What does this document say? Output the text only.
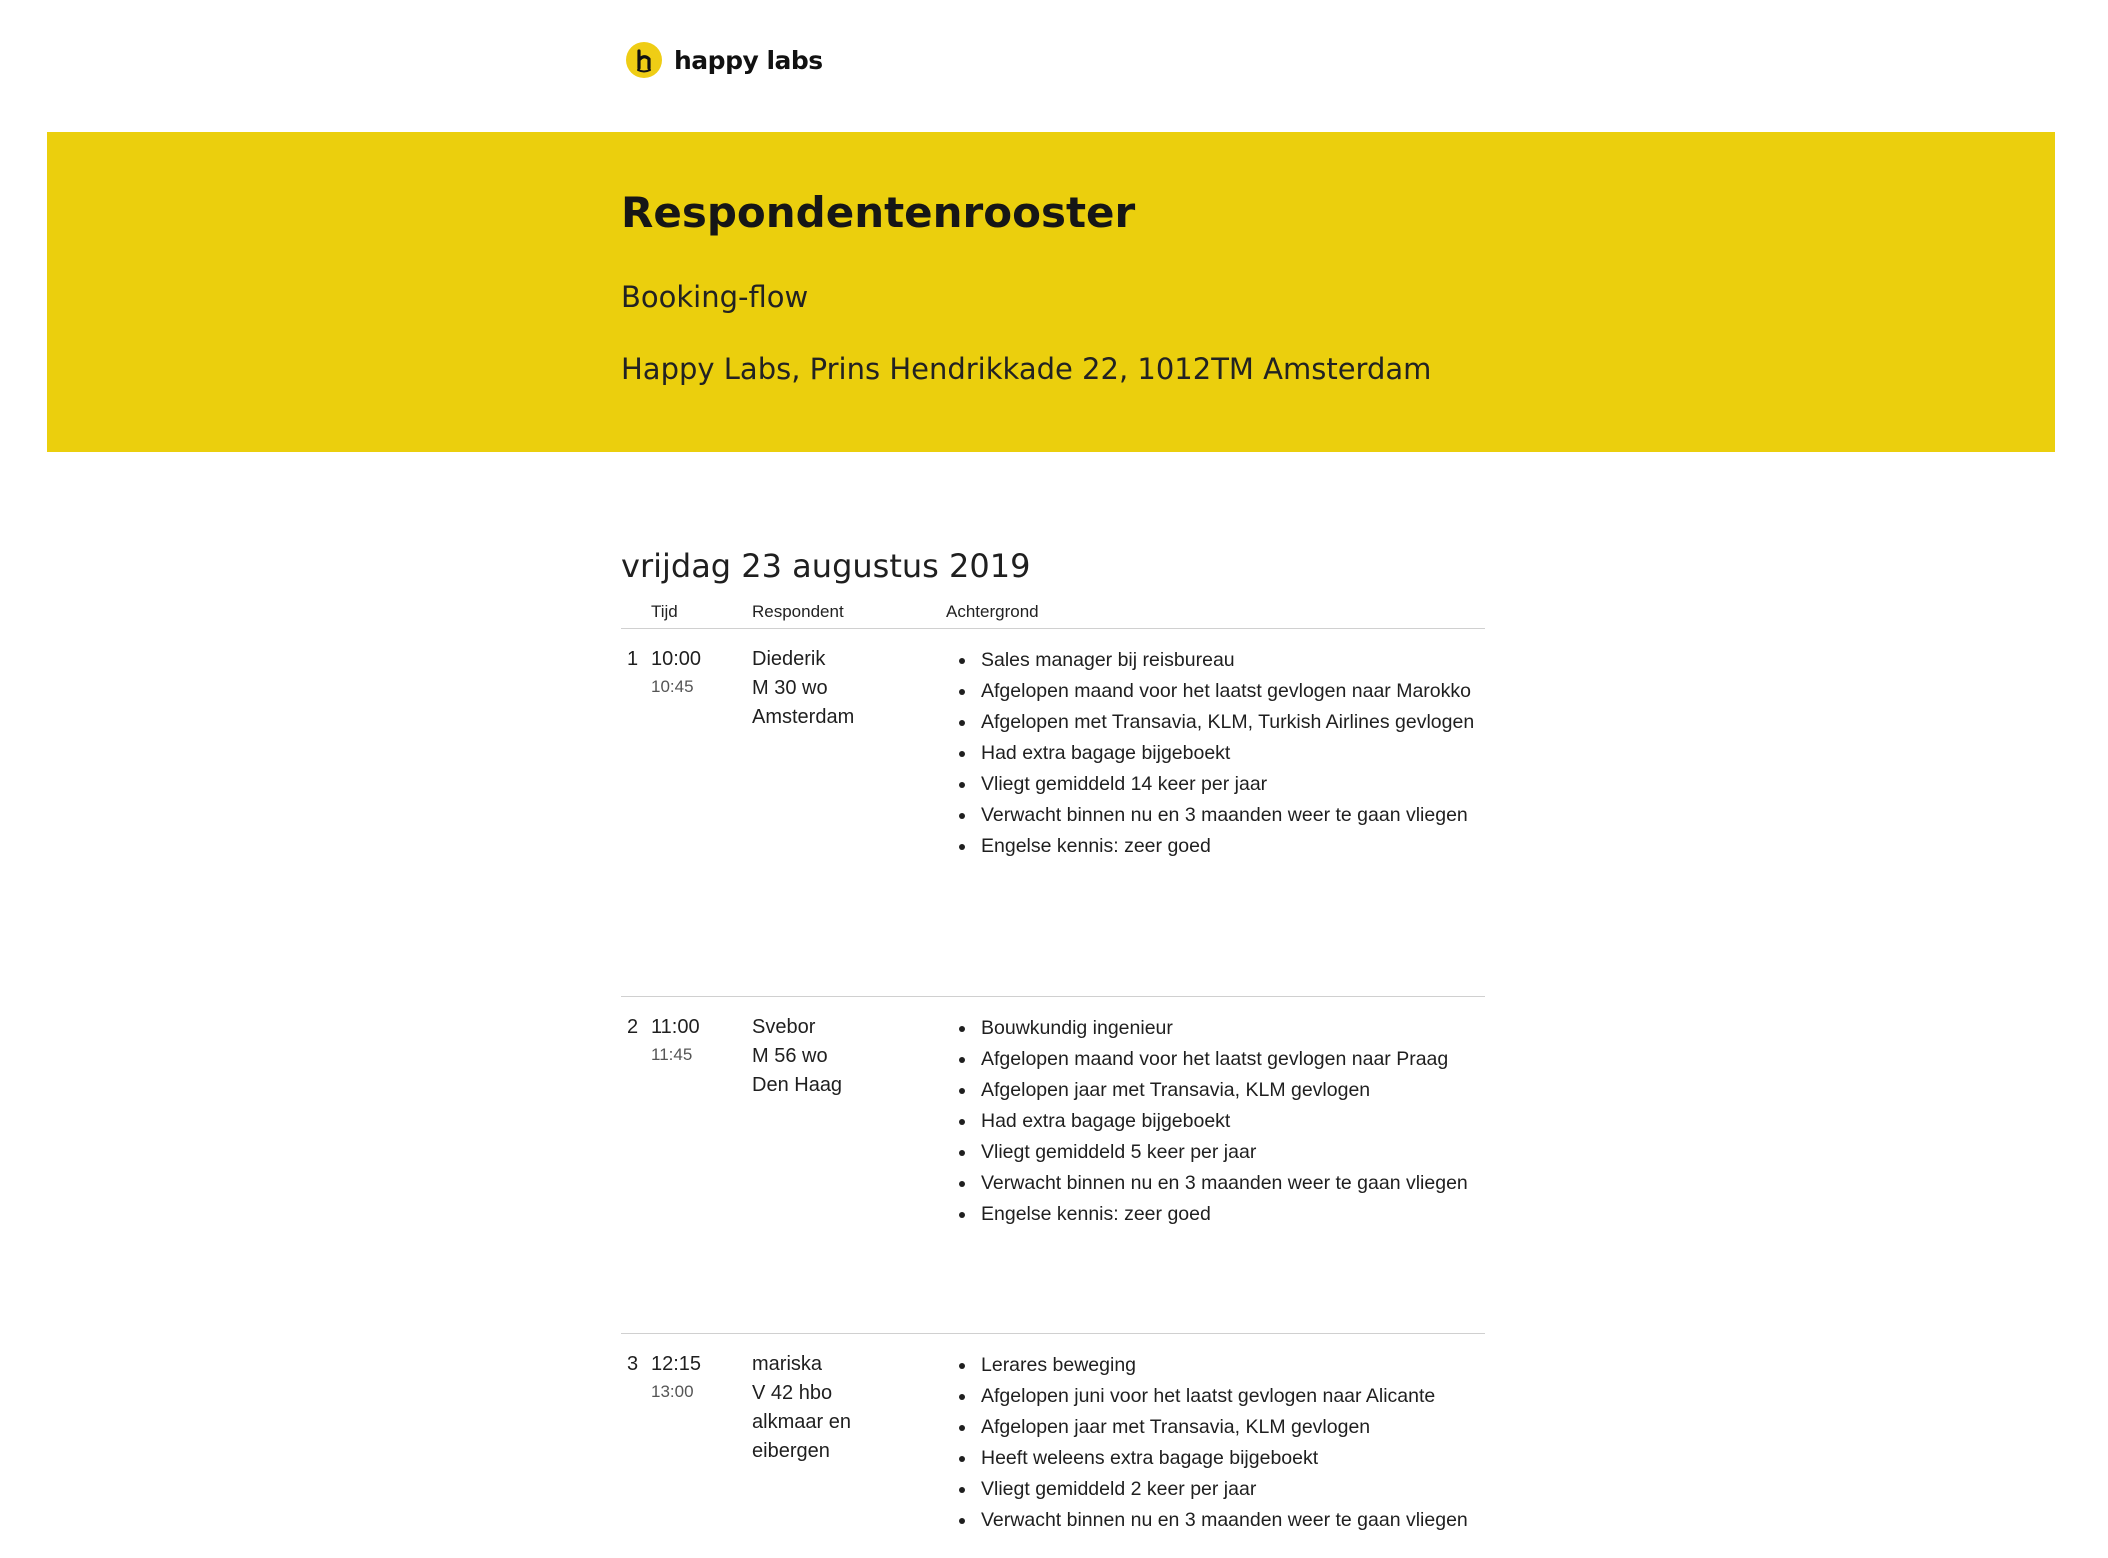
happy labs
Respondentenrooster
Booking-flow
Happy Labs, Prins Hendrikkade 22, 1012TM Amsterdam
vrijdag 23 augustus 2019
Tijd	Respondent	Achtergrond
1 10:00
10:45
Diederik
M 30 wo
Amsterdam
Sales manager bij reisbureau
Afgelopen maand voor het laatst gevlogen naar Marokko
Afgelopen met Transavia, KLM, Turkish Airlines gevlogen
Had extra bagage bijgeboekt
Vliegt gemiddeld 14 keer per jaar
Verwacht binnen nu en 3 maanden weer te gaan vliegen
Engelse kennis: zeer goed
2 11:00
11:45
Svebor
M 56 wo
Den Haag
Bouwkundig ingenieur
Afgelopen maand voor het laatst gevlogen naar Praag
Afgelopen jaar met Transavia, KLM gevlogen
Had extra bagage bijgeboekt
Vliegt gemiddeld 5 keer per jaar
Verwacht binnen nu en 3 maanden weer te gaan vliegen
Engelse kennis: zeer goed
3 12:15
13:00
mariska
V 42 hbo
alkmaar en
eibergen
Lerares beweging
Afgelopen juni voor het laatst gevlogen naar Alicante
Afgelopen jaar met Transavia, KLM gevlogen
Heeft weleens extra bagage bijgeboekt
Vliegt gemiddeld 2 keer per jaar
Verwacht binnen nu en 3 maanden weer te gaan vliegen
